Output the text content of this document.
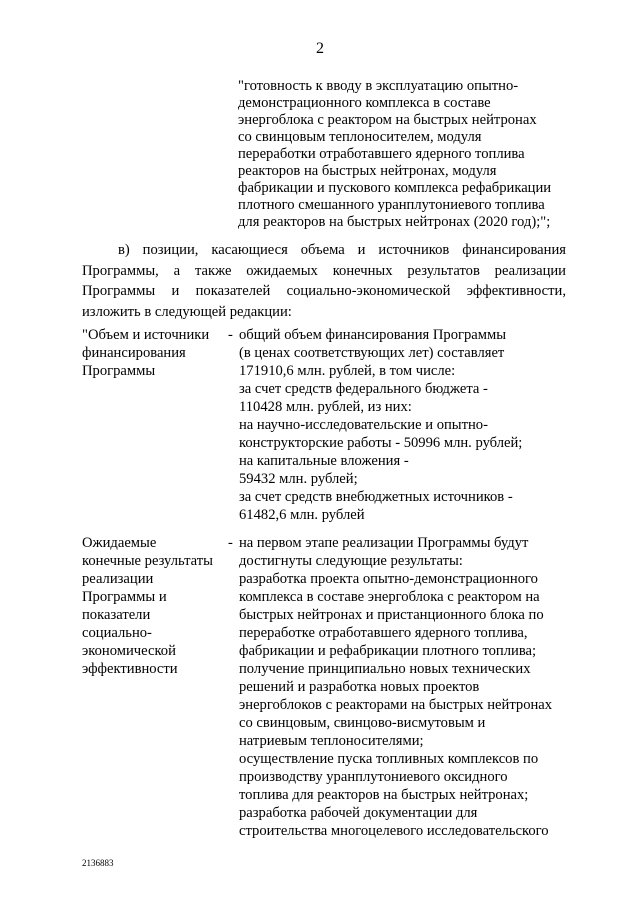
2
"готовность к вводу в эксплуатацию опытно-
демонстрационного комплекса в составе
энергоблока с реактором на быстрых нейтронах
со свинцовым теплоносителем, модуля
переработки отработавшего ядерного топлива
реакторов на быстрых нейтронах, модуля
фабрикации и пускового комплекса рефабрикации
плотного смешанного уранплутониевого топлива
для реакторов на быстрых нейтронах (2020 год);";
в) позиции, касающиеся объема и источников финансирования
Программы, а также ожидаемых конечных результатов реализации
Программы и показателей социально-экономической эффективности,
изложить в следующей редакции:
"Объем и источники
финансирования
Программы
- общий объем финансирования Программы
(в ценах соответствующих лет) составляет
171910,6 млн. рублей, в том числе:
за счет средств федерального бюджета -
110428 млн. рублей, из них:
на научно-исследовательские и опытно-
конструкторские работы - 50996 млн. рублей;
на капитальные вложения -
59432 млн. рублей;
за счет средств внебюджетных источников -
61482,6 млн. рублей
Ожидаемые
конечные результаты
реализации
Программы и
показатели
социально-
экономической
эффективности
- на первом этапе реализации Программы будут
достигнуты следующие результаты:
разработка проекта опытно-демонстрационного
комплекса в составе энергоблока с реактором на
быстрых нейтронах и пристанционного блока по
переработке отработавшего ядерного топлива,
фабрикации и рефабрикации плотного топлива;
получение принципиально новых технических
решений и разработка новых проектов
энергоблоков с реакторами на быстрых нейтронах
со свинцовым, свинцово-висмутовым и
натриевым теплоносителями;
осуществление пуска топливных комплексов по
производству уранплутониевого оксидного
топлива для реакторов на быстрых нейтронах;
разработка рабочей документации для
строительства многоцелевого исследовательского
2136883
